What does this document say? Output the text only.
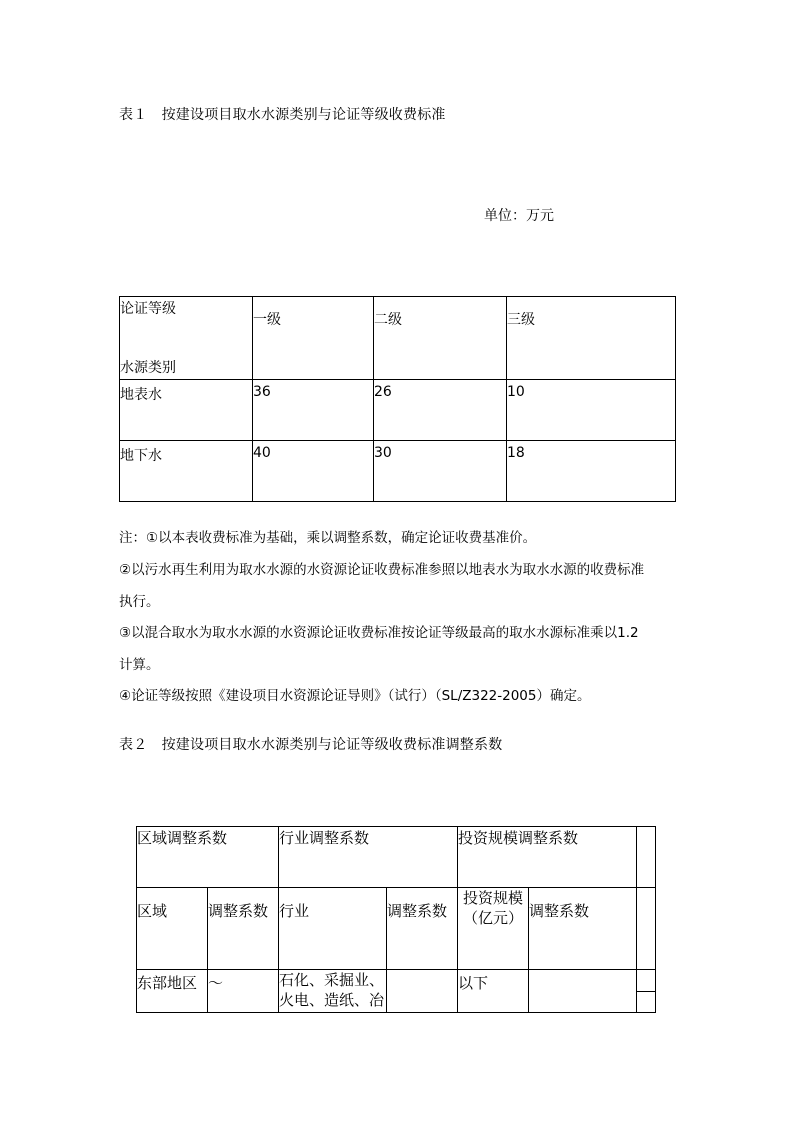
表１　按建设项目取水水源类别与论证等级收费标准
单位：万元
论证等级
水源类别	一级	二级	三级
地表水	36	26	10
地下水	40	30	18
注：①以本表收费标准为基础，乘以调整系数，确定论证收费基准价。
②以污水再生利用为取水水源的水资源论证收费标准参照以地表水为取水水源的收费标准
执行。
③以混合取水为取水水源的水资源论证收费标准按论证等级最高的取水水源标准乘以1.2
计算。
④论证等级按照《建设项目水资源论证导则》（试行）（SL/Z322-2005）确定。
表２　按建设项目取水水源类别与论证等级收费标准调整系数
区域调整系数		行业调整系数		投资规模调整系数		
区域	调整系数	行业	调整系数	投资规模（亿元）	调整系数	
东部地区	～	石化、采掘业、火电、造纸、冶		以下		
